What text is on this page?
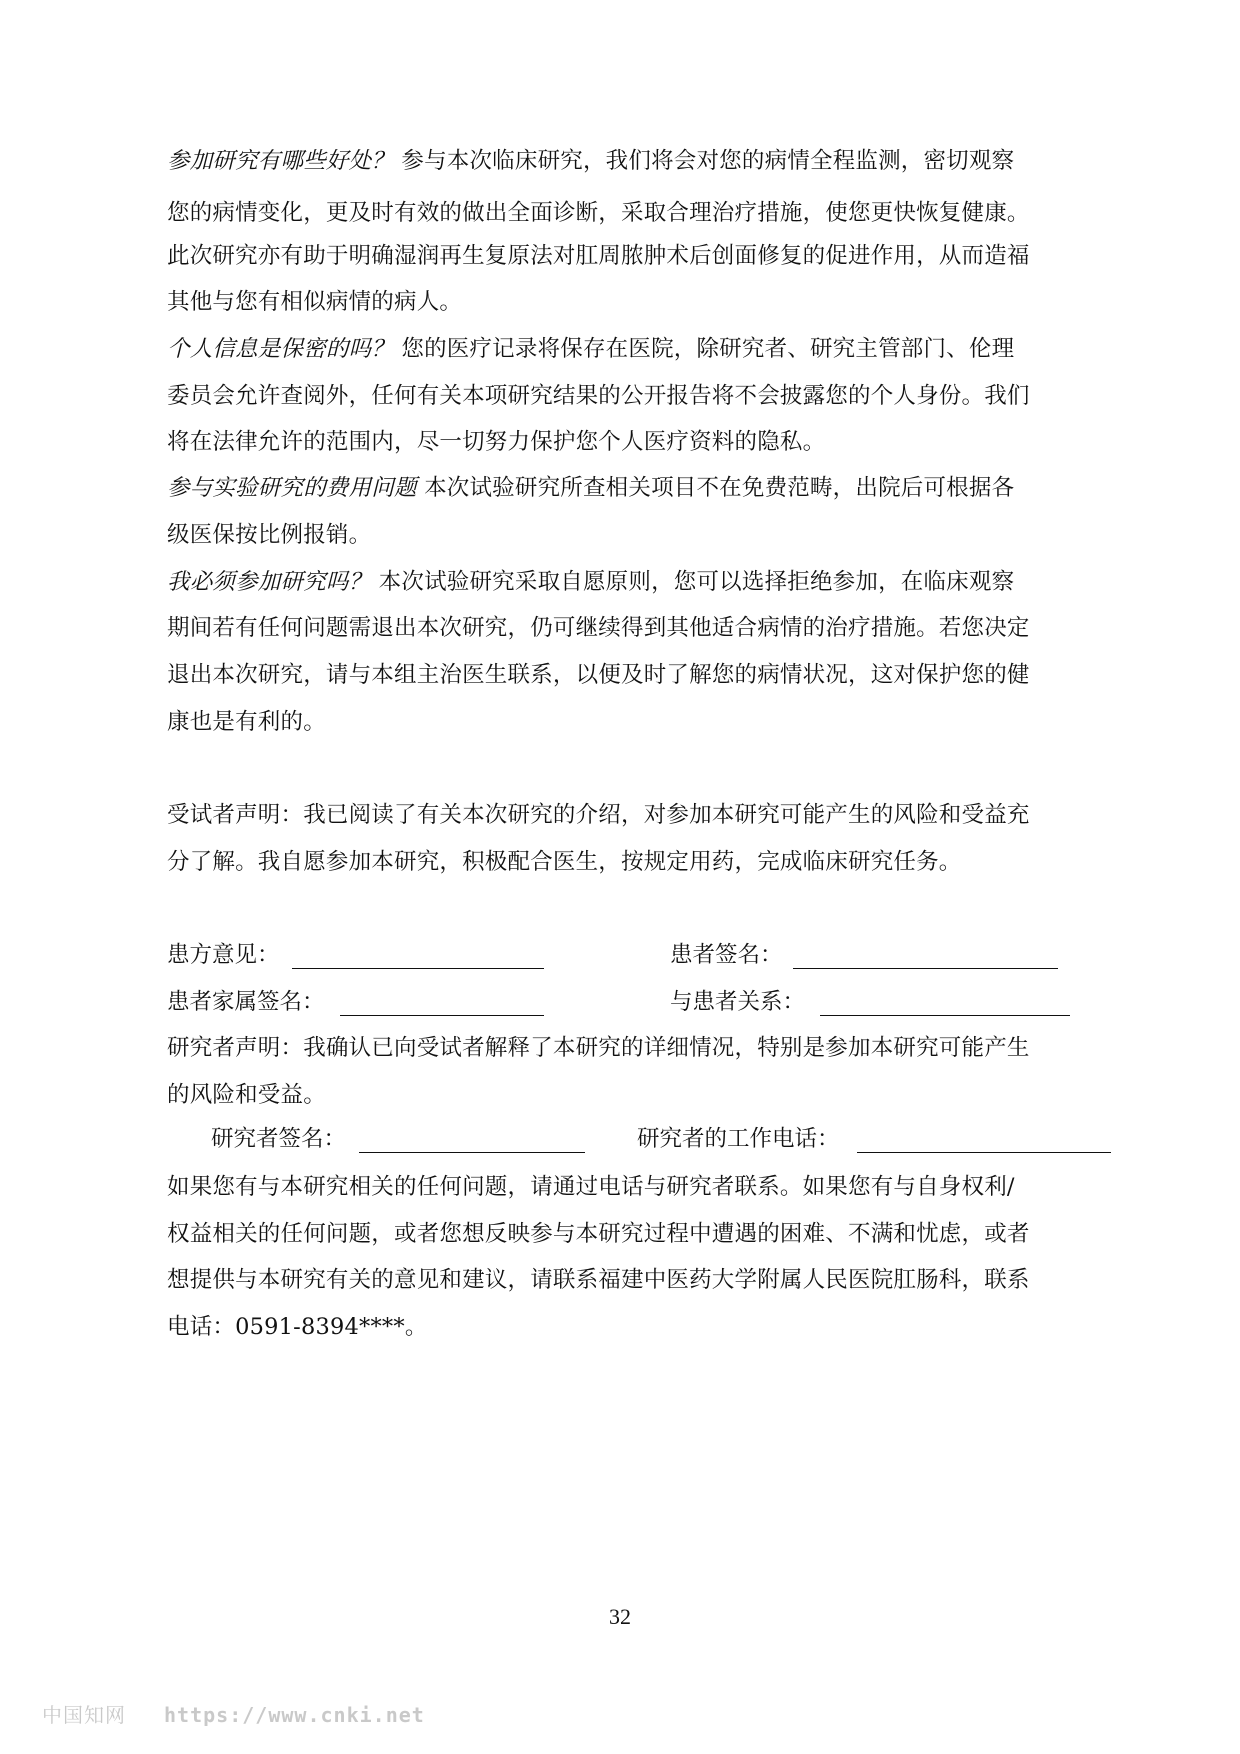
参加研究有哪些好处？ 参与本次临床研究，我们将会对您的病情全程监测，密切观察
您的病情变化，更及时有效的做出全面诊断，采取合理治疗措施，使您更快恢复健康。
此次研究亦有助于明确湿润再生复原法对肛周脓肿术后创面修复的促进作用，从而造福
其他与您有相似病情的病人。
个人信息是保密的吗？ 您的医疗记录将保存在医院，除研究者、研究主管部门、伦理
委员会允许查阅外，任何有关本项研究结果的公开报告将不会披露您的个人身份。我们
将在法律允许的范围内，尽一切努力保护您个人医疗资料的隐私。
参与实验研究的费用问题 本次试验研究所查相关项目不在免费范畴，出院后可根据各
级医保按比例报销。
我必须参加研究吗？ 本次试验研究采取自愿原则，您可以选择拒绝参加，在临床观察
期间若有任何问题需退出本次研究，仍可继续得到其他适合病情的治疗措施。若您决定
退出本次研究，请与本组主治医生联系，以便及时了解您的病情状况，这对保护您的健
康也是有利的。
受试者声明：我已阅读了有关本次研究的介绍，对参加本研究可能产生的风险和受益充
分了解。我自愿参加本研究，积极配合医生，按规定用药，完成临床研究任务。
患方意见：	患者签名：
患者家属签名：	与患者关系：
研究者声明：我确认已向受试者解释了本研究的详细情况，特别是参加本研究可能产生
的风险和受益。
研究者签名：	研究者的工作电话：
如果您有与本研究相关的任何问题，请通过电话与研究者联系。如果您有与自身权利/
权益相关的任何问题，或者您想反映参与本研究过程中遭遇的困难、不满和忧虑，或者
想提供与本研究有关的意见和建议，请联系福建中医药大学附属人民医院肛肠科，联系
电话：0591-8394****。
32
中国知网 https://www.cnki.net
